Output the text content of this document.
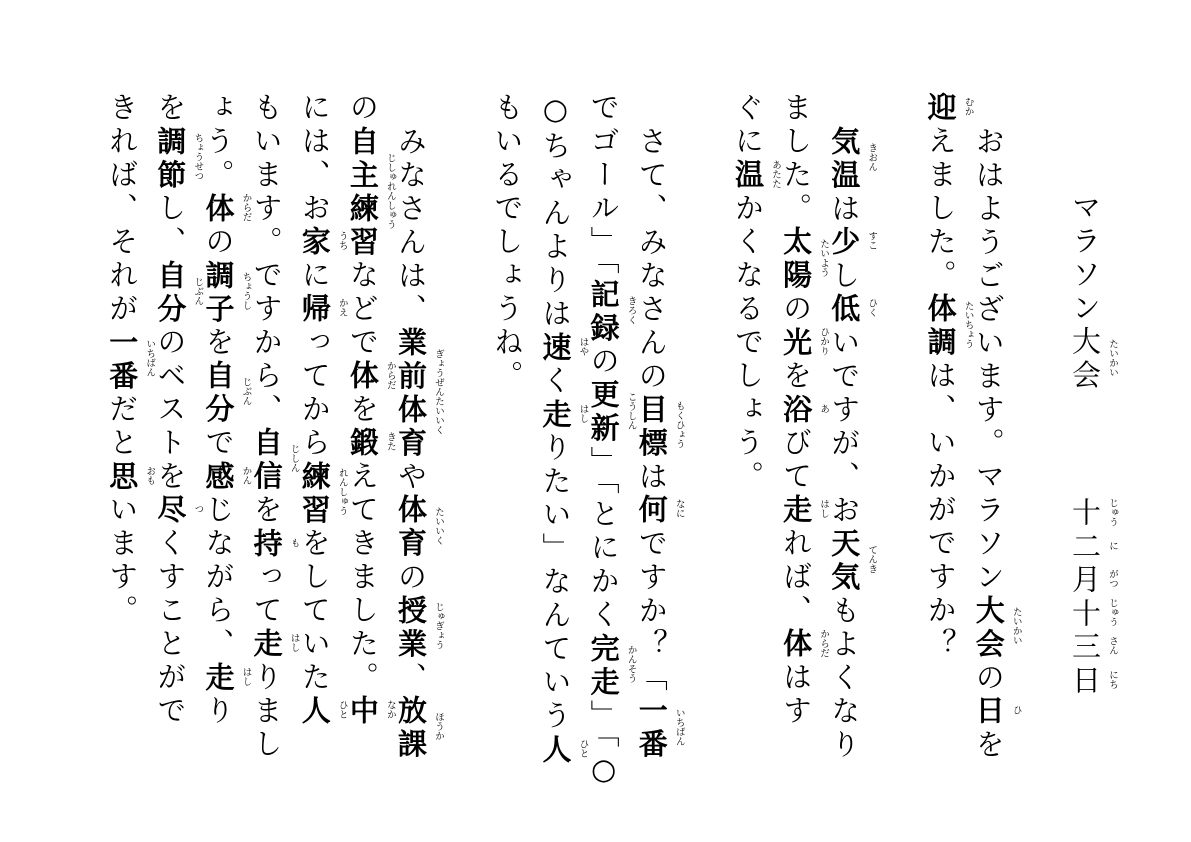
マラソン大会 たいかい
十 じゅう
二 に
月 がつ
十 じゅう
三 さん
日 にち
おはようございます。マラソン大会 たいかい
の日 ひ
を
迎 むか
えました。体調 たいちょう
は、いかがですか？
気温 きおん
は少 すこ
し低 ひく
いですが、お天気 てんき
もよくなり
ました。太陽 たいよう
の光 ひかり
を浴 あ
びて走 はし
れば、体 からだ
はす
ぐに温 あたた
かくなるでしょう。
さて、みなさんの目標 もくひょう
は何 なに
ですか？「一番 いちばん
でゴール」「記録 きろく
の更新 こうしん
」「とにかく完走 かんそう
」「○
○ちゃんよりは速 はや
く走 はし
りたい」なんていう人 ひと
もいるでしょうね。
みなさんは、業前体育 ぎょうぜんたいいく
や体育 たいいく
の授業 じゅぎょう
、放課 ほうか
の自主練習 じしゅれんしゅう
などで体 からだ
を鍛 きた
えてきました。中 なか
には、お家 うち
に帰 かえ
ってから練習 れんしゅう
をしていた人 ひと
もいます。ですから、自信 じしん
を持 も
って走 はし
りまし
ょう。体 からだ
の調子 ちょうし
を自分 じぶん
で感 かん
じながら、走 はし
り
を調節 ちょうせつ
し、自分 じぶん
のベストを尽 つ
くすことがで
きれば、それが一番 いちばん
だと思 おも
います。
